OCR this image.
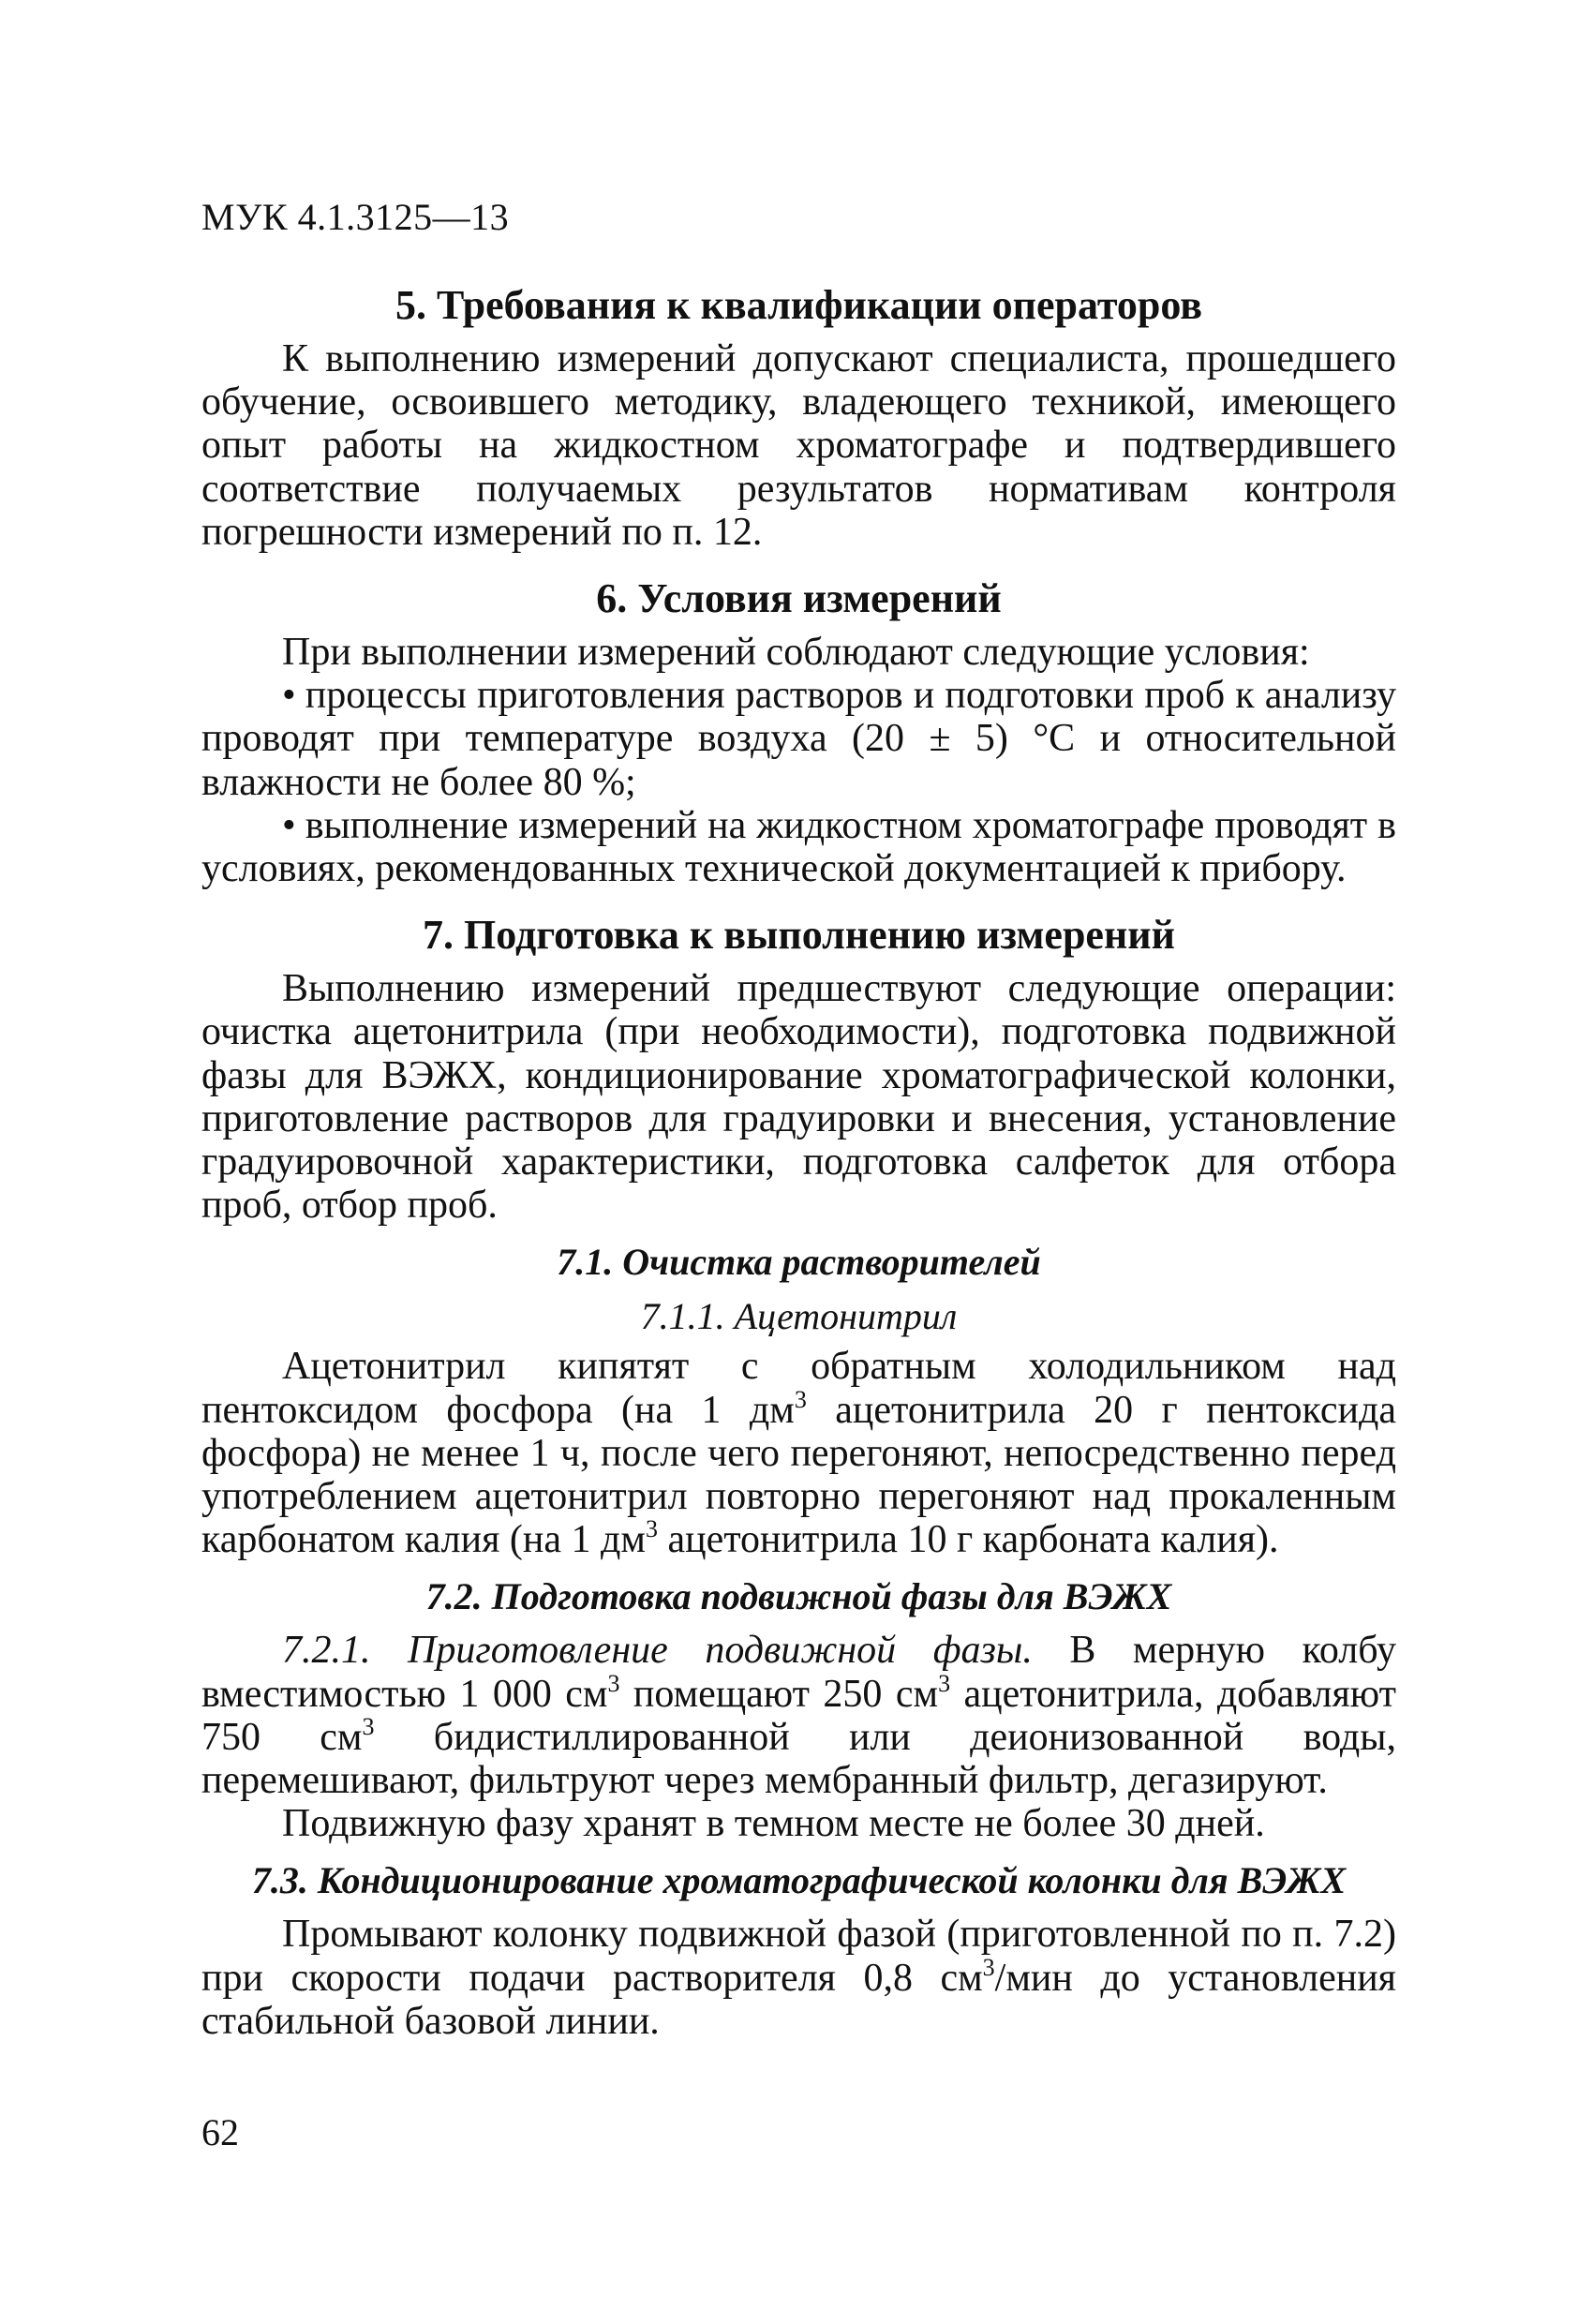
МУК 4.1.3125—13
5. Требования к квалификации операторов

К выполнению измерений допускают специалиста, прошедшего обучение, освоившего методику, владеющего техникой, имеющего опыт работы на жидкостном хроматографе и подтвердившего соответствие получаемых результатов нормативам контроля погрешности измерений по п. 12.

6. Условия измерений

При выполнении измерений соблюдают следующие условия:

• процессы приготовления растворов и подготовки проб к анализу проводят при температуре воздуха (20 ± 5) °С и относительной влажности не более 80 %;

• выполнение измерений на жидкостном хроматографе проводят в условиях, рекомендованных технической документацией к прибору.

7. Подготовка к выполнению измерений

Выполнению измерений предшествуют следующие операции: очистка ацетонитрила (при необходимости), подготовка подвижной фазы для ВЭЖХ, кондиционирование хроматографической колонки, приготовление растворов для градуировки и внесения, установление градуировочной характеристики, подготовка салфеток для отбора проб, отбор проб.

7.1. Очистка растворителей
7.1.1. Ацетонитрил

Ацетонитрил кипятят с обратным холодильником над пентоксидом фосфора (на 1 $дм^3$ ацетонитрила 20 г пентоксида фосфора) не менее 1 ч, после чего перегоняют, непосредственно перед употреблением ацетонитрил повторно перегоняют над прокаленным карбонатом калия (на 1 $дм^3$ ацетонитрила 10 г карбоната калия).

7.2. Подготовка подвижной фазы для ВЭЖХ

7.2.1. Приготовление подвижной фазы. В мерную колбу вместимостью 1 000 $см^3$ помещают 250 $см^3$ ацетонитрила, добавляют 750 $см^3$ бидистиллированной или деионизованной воды, перемешивают, фильтруют через мембранный фильтр, дегазируют.

Подвижную фазу хранят в темном месте не более 30 дней.

7.3. Кондиционирование хроматографической колонки для ВЭЖХ

Промывают колонку подвижной фазой (приготовленной по п. 7.2) при скорости подачи растворителя 0,8 $см^3$/мин до установления стабильной базовой линии.

62
